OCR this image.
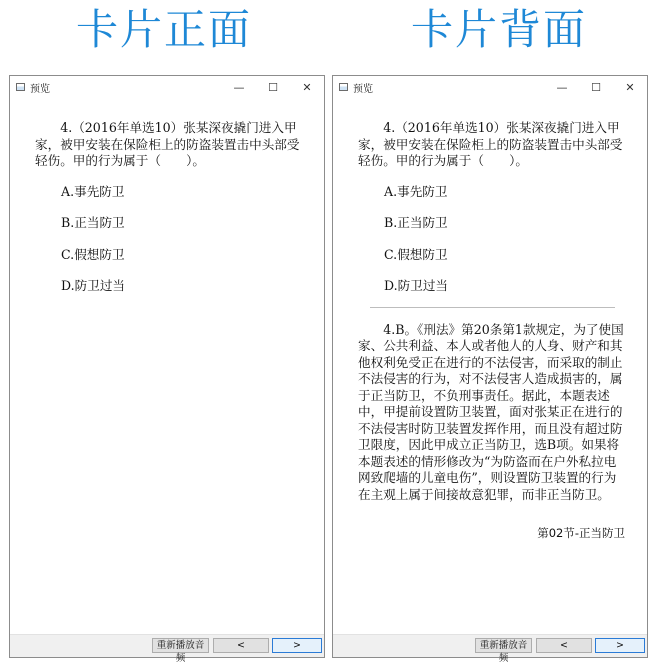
卡片正面	卡片背面
预览	—	☐	✕

4.（2016年单选10）张某深夜撬门进入甲家，被甲安装在保险柜上的防盗装置击中头部受轻伤。甲的行为属于（　　）。

A.事先防卫
B.正当防卫
C.假想防卫
D.防卫过当
重新播放音频
<	>
预览	—	☐	✕

4.（2016年单选10）张某深夜撬门进入甲家，被甲安装在保险柜上的防盗装置击中头部受轻伤。甲的行为属于（　　）。

A.事先防卫
B.正当防卫
C.假想防卫
D.防卫过当

4.B。《刑法》第20条第1款规定，为了使国家、公共利益、本人或者他人的人身、财产和其他权利免受正在进行的不法侵害，而采取的制止不法侵害的行为，对不法侵害人造成损害的，属于正当防卫，不负刑事责任。据此，本题表述中，甲提前设置防卫装置，面对张某正在进行的不法侵害时防卫装置发挥作用，而且没有超过防卫限度，因此甲成立正当防卫，选B项。如果将本题表述的情形修改为“为防盗而在户外私拉电网致爬墙的儿童电伤”，则设置防卫装置的行为在主观上属于间接故意犯罪，而非正当防卫。

第02节-正当防卫
重新播放音频
<	>
